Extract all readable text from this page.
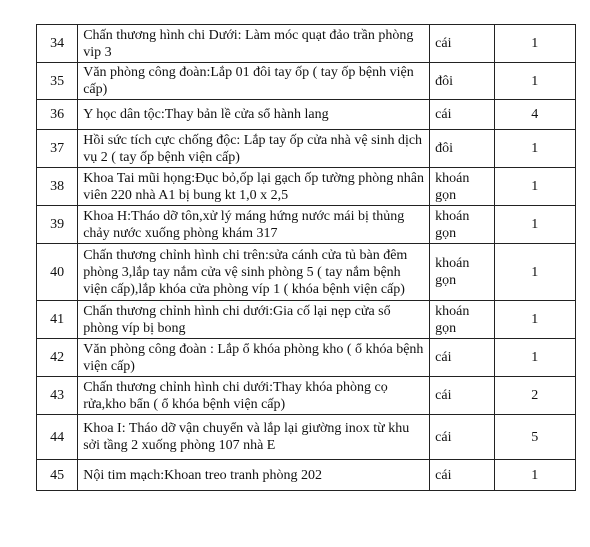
34	Chấn thương hình chi Dưới: Làm móc quạt đảo trần phòng vip 3	cái	1
35	Văn phòng công đoàn:Lắp 01 đôi tay ốp ( tay ốp bệnh viện cấp)	đôi	1
36	Y học dân tộc:Thay bản lề cửa sổ hành lang	cái	4
37	Hồi sức tích cực chống độc: Lắp tay ốp cửa nhà vệ sinh dịch vụ 2 ( tay ốp bệnh viện cấp)	đôi	1
38	Khoa Tai mũi họng:Đục bỏ,ốp lại gạch ốp tường phòng nhân viên 220 nhà A1 bị bung kt 1,0 x 2,5	khoán gọn	1
39	Khoa H:Tháo dỡ tôn,xử lý máng hứng nước mái bị thủng chảy nước xuống phòng khám 317	khoán gọn	1
40	Chấn thương chỉnh hình chi trên:sửa cánh cửa tủ bàn đêm phòng 3,lắp tay nắm cửa vệ sinh phòng 5 ( tay nắm bệnh viện cấp),lắp khóa cửa phòng víp 1 ( khóa bệnh viện cấp)	khoán gọn	1
41	Chấn thương chỉnh hình chi dưới:Gia cố lại nẹp cửa sổ phòng víp bị bong	khoán gọn	1
42	Văn phòng công đoàn : Lắp ổ khóa phòng kho ( ổ khóa bệnh viện cấp)	cái	1
43	Chấn thương chỉnh hình chi dưới:Thay khóa phòng cọ rửa,kho bẩn ( ổ khóa bệnh viện cấp)	cái	2
44	Khoa I: Tháo dỡ vận chuyển và lắp lại giường inox từ khu sởi tầng 2 xuống phòng 107 nhà E	cái	5
45	Nội tim mạch:Khoan treo tranh phòng 202	cái	1
